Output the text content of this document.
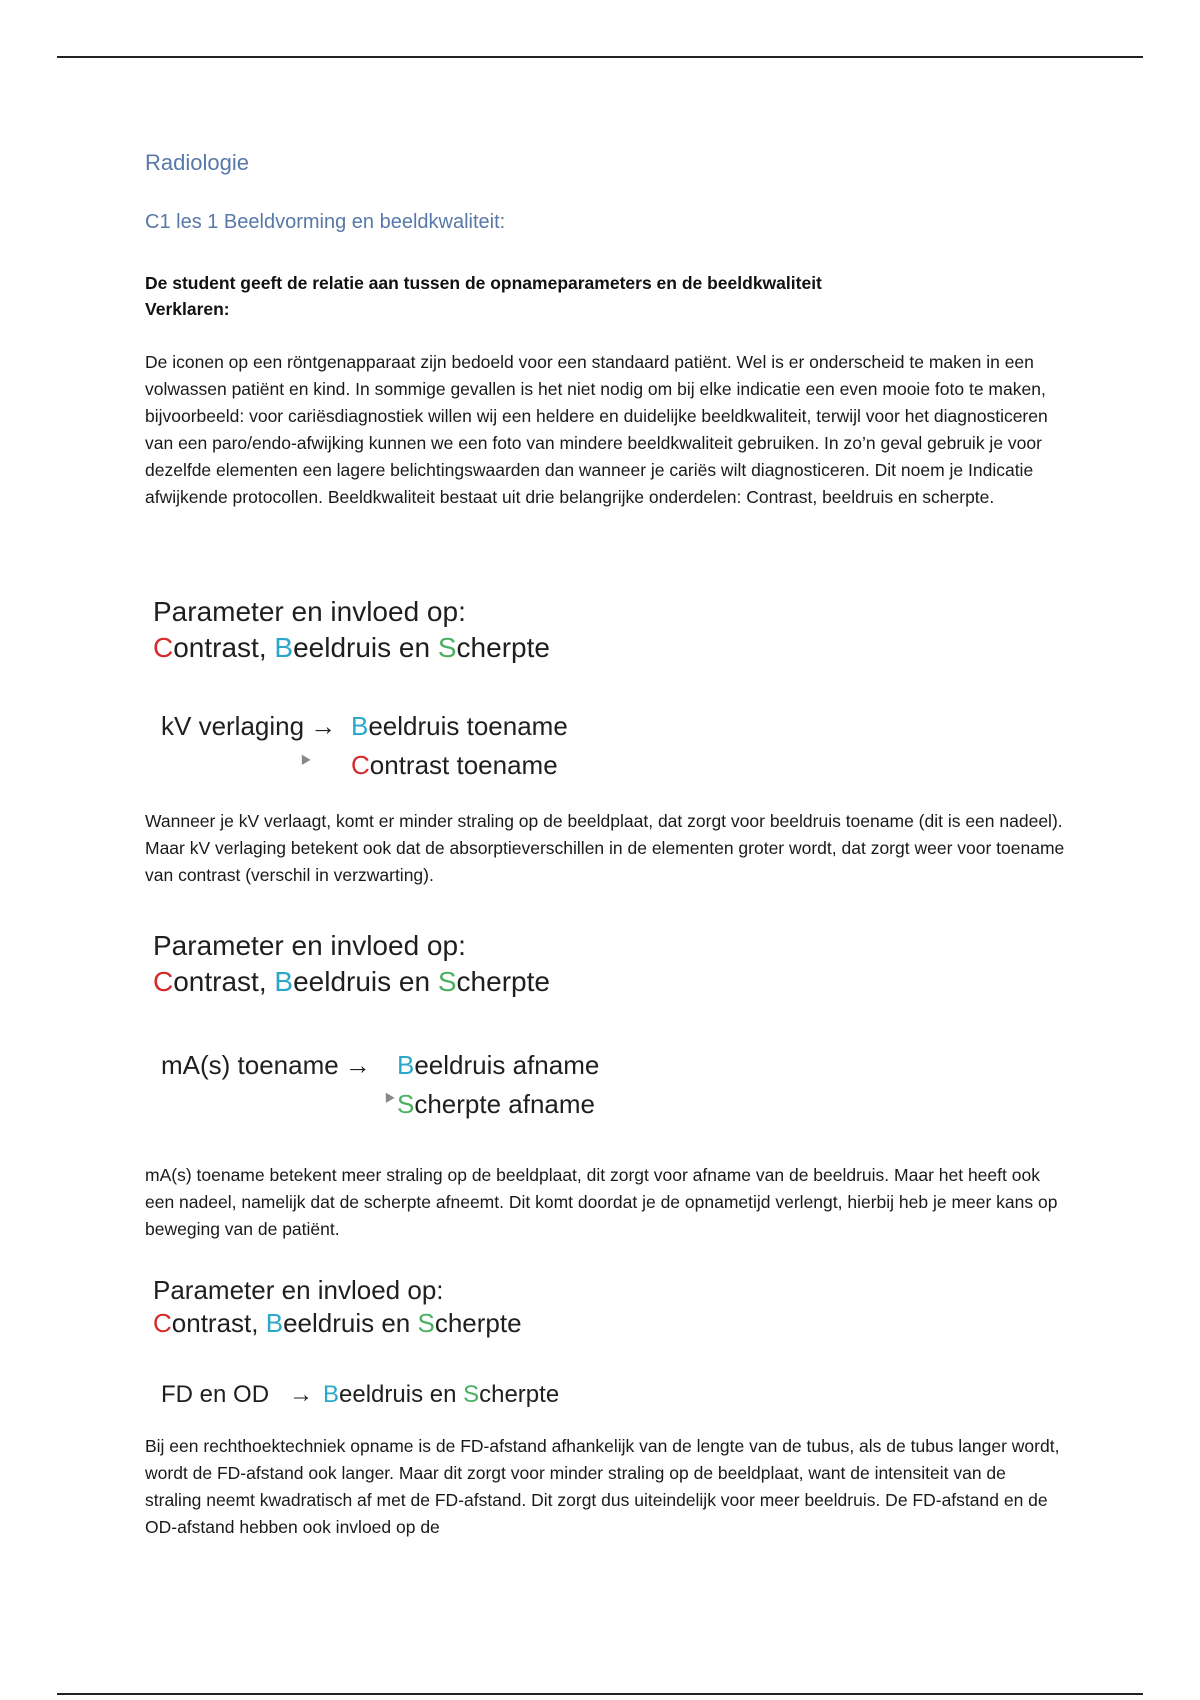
Radiologie
C1 les 1 Beeldvorming en beeldkwaliteit:
De student geeft de relatie aan tussen de opnameparameters en de beeldkwaliteit
Verklaren:

De iconen op een röntgenapparaat zijn bedoeld voor een standaard patiënt. Wel is er onderscheid te maken in een volwassen patiënt en kind. In sommige gevallen is het niet nodig om bij elke indicatie een even mooie foto te maken, bijvoorbeeld: voor cariësdiagnostiek willen wij een heldere en duidelijke beeldkwaliteit, terwijl voor het diagnosticeren van een paro/endo-afwijking kunnen we een foto van mindere beeldkwaliteit gebruiken. In zo’n geval gebruik je voor dezelfde elementen een lagere belichtingswaarden dan wanneer je cariës wilt diagnosticeren. Dit noem je Indicatie afwijkende protocollen. Beeldkwaliteit bestaat uit drie belangrijke onderdelen: Contrast, beeldruis en scherpte.

Parameter en invloed op:
Contrast, Beeldruis en Scherpte
kV verlaging → Beeldruis toename
Contrast toename

Wanneer je kV verlaagt, komt er minder straling op de beeldplaat, dat zorgt voor beeldruis toename (dit is een nadeel). Maar kV verlaging betekent ook dat de absorptieverschillen in de elementen groter wordt, dat zorgt weer voor toename van contrast (verschil in verzwarting).

Parameter en invloed op:
Contrast, Beeldruis en Scherpte
mA(s) toename → Beeldruis afname
Scherpte afname

mA(s) toename betekent meer straling op de beeldplaat, dit zorgt voor afname van de beeldruis. Maar het heeft ook een nadeel, namelijk dat de scherpte afneemt. Dit komt doordat je de opnametijd verlengt, hierbij heb je meer kans op beweging van de patiënt.

Parameter en invloed op:
Contrast, Beeldruis en Scherpte
FD en OD → Beeldruis en Scherpte

Bij een rechthoektechniek opname is de FD-afstand afhankelijk van de lengte van de tubus, als de tubus langer wordt, wordt de FD-afstand ook langer. Maar dit zorgt voor minder straling op de beeldplaat, want de intensiteit van de straling neemt kwadratisch af met de FD-afstand. Dit zorgt dus uiteindelijk voor meer beeldruis. De FD-afstand en de OD-afstand hebben ook invloed op de
